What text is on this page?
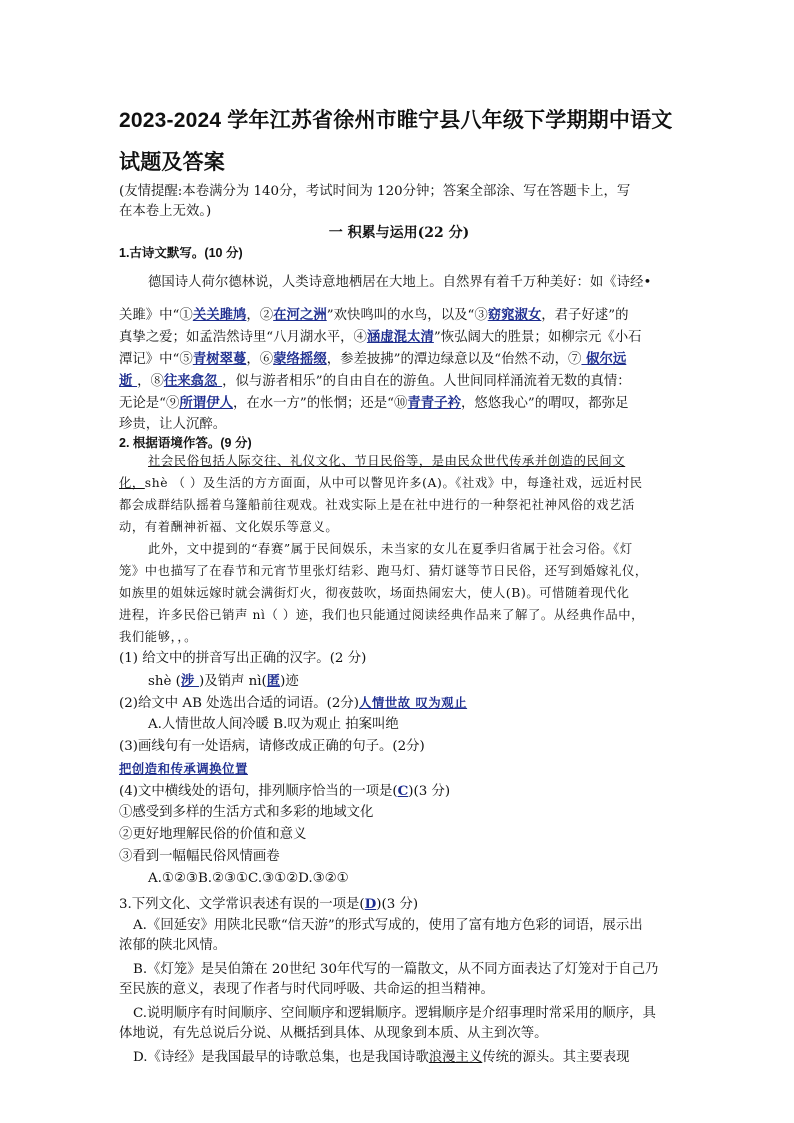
2023-2024 学年江苏省徐州市睢宁县八年级下学期期中语文
试题及答案
(友情提醒:本卷满分为 140分，考试时间为 120分钟；答案全部涂、写在答题卡上，写
在本卷上无效。)
一 积累与运用(22 分)
1.古诗文默写。(10 分)
德国诗人荷尔德林说，人类诗意地栖居在大地上。自然界有着千万种美好：如《诗经•
关雎》中“①关关雎鸠，②在河之洲”欢快鸣叫的水鸟，以及“③窈窕淑女，君子好逑”的
真挚之爱；如孟浩然诗里“八月湖水平，④涵虚混太清”恢弘阔大的胜景；如柳宗元《小石
潭记》中“⑤青树翠蔓，⑥蒙络摇缀，参差披拂”的潭边绿意以及“佁然不动，⑦ 俶尔远
逝 ，⑧往来翕忽 ，似与游者相乐”的自由自在的游鱼。人世间同样涌流着无数的真情：
无论是“⑨所谓伊人，在水一方”的怅惘；还是“⑩青青子衿，悠悠我心”的喟叹，都弥足
珍贵，让人沉醉。
2. 根据语境作答。(9 分)
社会民俗包括人际交往、礼仪文化、节日民俗等，是由民众世代传承并创造的民间文
化，shè （ ）及生活的方方面面，从中可以瞥见许多(A)。《社戏》中，每逢社戏，远近村民
都会成群结队摇着乌篷船前往观戏。社戏实际上是在社中进行的一种祭祀社神风俗的戏艺活
动，有着酬神祈福、文化娱乐等意义。
此外，文中提到的“春赛”属于民间娱乐，未当家的女儿在夏季归省属于社会习俗。《灯
笼》中也描写了在春节和元宵节里张灯结彩、跑马灯、猜灯谜等节日民俗，还写到婚嫁礼仪，
如族里的姐妹远嫁时就会满街灯火，彻夜鼓吹，场面热闹宏大，使人(B)。可惜随着现代化
进程，许多民俗已销声 nì（ ）迹，我们也只能通过阅读经典作品来了解了。从经典作品中，
我们能够，，。
(1) 给文中的拼音写出正确的汉字。(2 分)
shè (涉 )及销声 nì(匿)迹
(2)给文中 AB 处选出合适的词语。(2分)人情世故 叹为观止
A.人情世故人间冷暖 B.叹为观止 拍案叫绝
(3)画线句有一处语病，请修改成正确的句子。(2分)
把创造和传承调换位置
(4)文中横线处的语句，排列顺序恰当的一项是(C)(3 分)
①感受到多样的生活方式和多彩的地域文化
②更好地理解民俗的价值和意义
③看到一幅幅民俗风情画卷
A.①②③B.②③①C.③①②D.③②①
3.下列文化、文学常识表述有误的一项是(D)(3 分)
A.《回延安》用陕北民歌“信天游”的形式写成的，使用了富有地方色彩的词语，展示出
浓郁的陕北风情。
B.《灯笼》是吴伯箫在 20世纪 30年代写的一篇散文，从不同方面表达了灯笼对于自己乃
至民族的意义，表现了作者与时代同呼吸、共命运的担当精神。
C.说明顺序有时间顺序、空间顺序和逻辑顺序。逻辑顺序是介绍事理时常采用的顺序，具
体地说，有先总说后分说、从概括到具体、从现象到本质、从主到次等。
D.《诗经》是我国最早的诗歌总集，也是我国诗歌浪漫主义传统的源头。其主要表现
